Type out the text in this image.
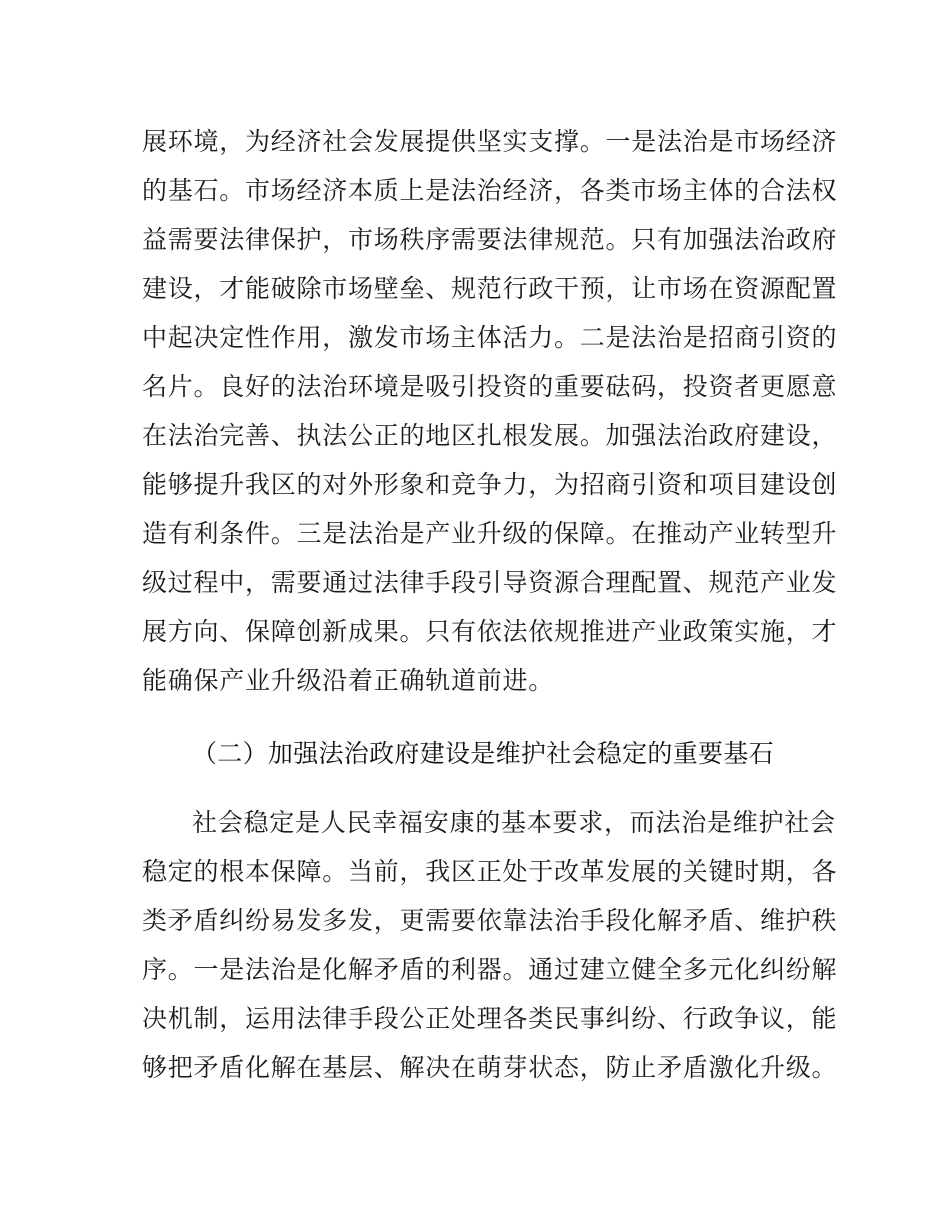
展环境，为经济社会发展提供坚实支撑。一是法治是市场经济
的基石。市场经济本质上是法治经济，各类市场主体的合法权
益需要法律保护，市场秩序需要法律规范。只有加强法治政府
建设，才能破除市场壁垒、规范行政干预，让市场在资源配置
中起决定性作用，激发市场主体活力。二是法治是招商引资的
名片。良好的法治环境是吸引投资的重要砝码，投资者更愿意
在法治完善、执法公正的地区扎根发展。加强法治政府建设，
能够提升我区的对外形象和竞争力，为招商引资和项目建设创
造有利条件。三是法治是产业升级的保障。在推动产业转型升
级过程中，需要通过法律手段引导资源合理配置、规范产业发
展方向、保障创新成果。只有依法依规推进产业政策实施，才
能确保产业升级沿着正确轨道前进。
（二）加强法治政府建设是维护社会稳定的重要基石
社会稳定是人民幸福安康的基本要求，而法治是维护社会
稳定的根本保障。当前，我区正处于改革发展的关键时期，各
类矛盾纠纷易发多发，更需要依靠法治手段化解矛盾、维护秩
序。一是法治是化解矛盾的利器。通过建立健全多元化纠纷解
决机制，运用法律手段公正处理各类民事纠纷、行政争议，能
够把矛盾化解在基层、解决在萌芽状态，防止矛盾激化升级。
